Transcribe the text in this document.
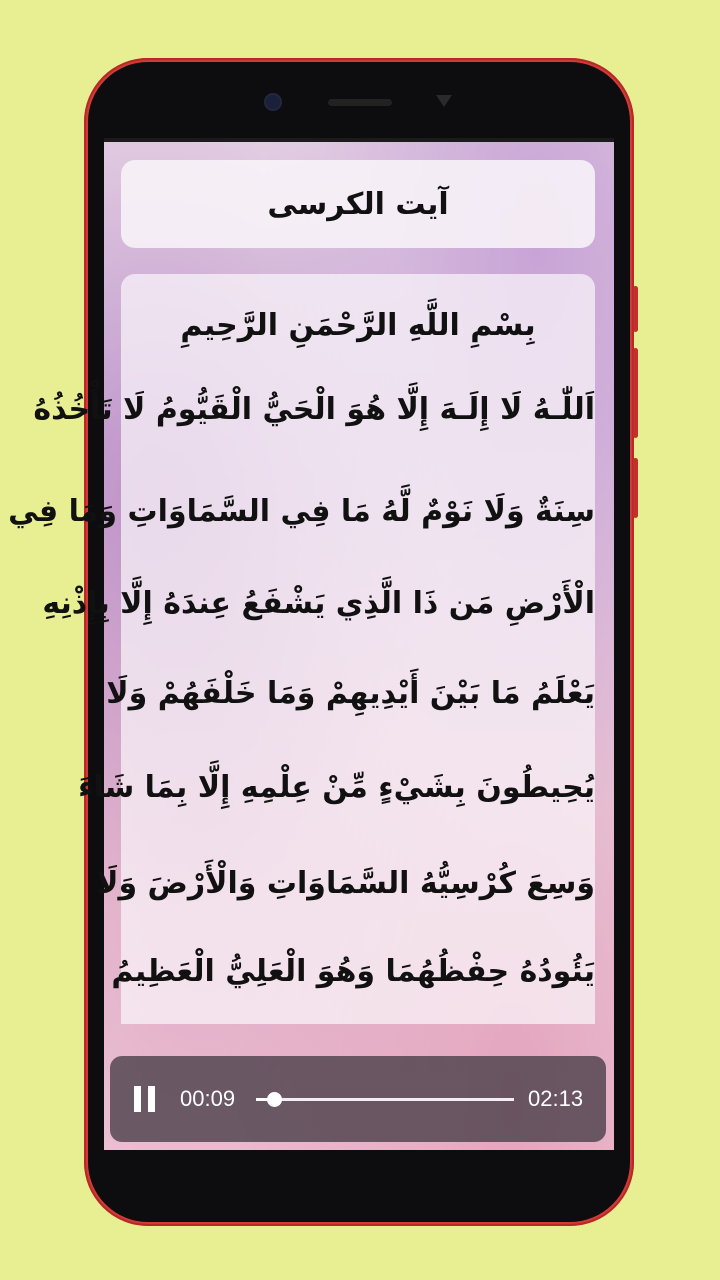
آیت الکرسی
بِسْمِ اللَّهِ الرَّحْمَنِ الرَّحِيمِ
اَللّٰـهُ لَا إِلَـهَ إِلَّا هُوَ الْحَيُّ الْقَيُّومُ لَا تَأْخُذُهُ
سِنَةٌ وَلَا نَوْمٌ لَّهُ مَا فِي السَّمَاوَاتِ وَمَا فِي
الْأَرْضِ مَن ذَا الَّذِي يَشْفَعُ عِندَهُ إِلَّا بِإِذْنِهِ
يَعْلَمُ مَا بَيْنَ أَيْدِيهِمْ وَمَا خَلْفَهُمْ وَلَا
يُحِيطُونَ بِشَيْءٍ مِّنْ عِلْمِهِ إِلَّا بِمَا شَاءَ
وَسِعَ كُرْسِيُّهُ السَّمَاوَاتِ وَالْأَرْضَ وَلَا
يَئُودُهُ حِفْظُهُمَا وَهُوَ الْعَلِيُّ الْعَظِيمُ
00:09	02:13
